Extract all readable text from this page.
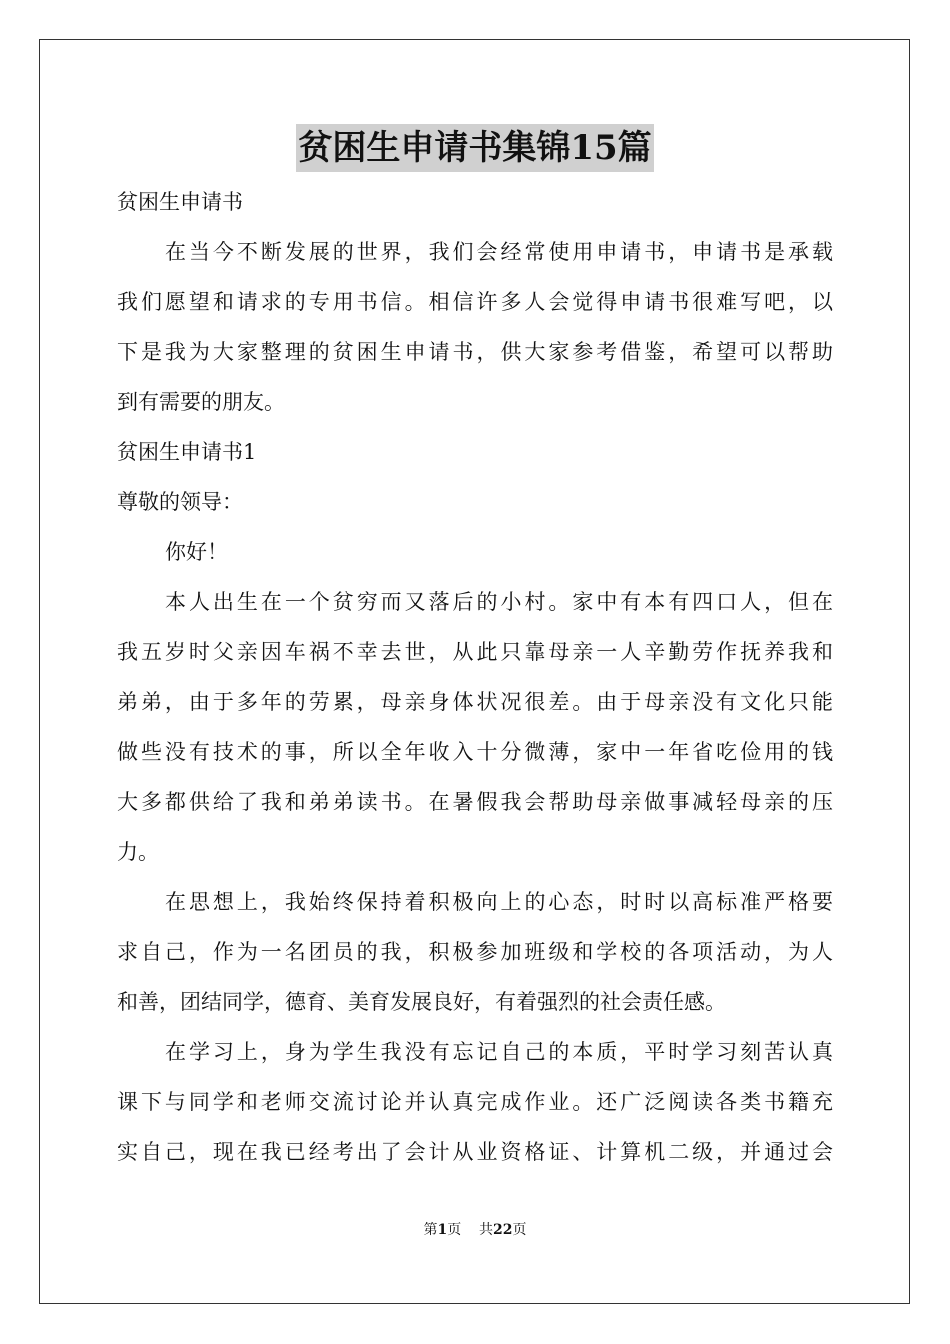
贫困生申请书集锦15篇
贫困生申请书
在当今不断发展的世界，我们会经常使用申请书，申请书是承载
我们愿望和请求的专用书信。相信许多人会觉得申请书很难写吧，以
下是我为大家整理的贫困生申请书，供大家参考借鉴，希望可以帮助
到有需要的朋友。
贫困生申请书1
尊敬的领导：
你好！
本人出生在一个贫穷而又落后的小村。家中有本有四口人，但在
我五岁时父亲因车祸不幸去世，从此只靠母亲一人辛勤劳作抚养我和
弟弟，由于多年的劳累，母亲身体状况很差。由于母亲没有文化只能
做些没有技术的事，所以全年收入十分微薄，家中一年省吃俭用的钱
大多都供给了我和弟弟读书。在暑假我会帮助母亲做事减轻母亲的压
力。
在思想上，我始终保持着积极向上的心态，时时以高标准严格要
求自己，作为一名团员的我，积极参加班级和学校的各项活动，为人
和善，团结同学，德育、美育发展良好，有着强烈的社会责任感。
在学习上，身为学生我没有忘记自己的本质，平时学习刻苦认真
课下与同学和老师交流讨论并认真完成作业。还广泛阅读各类书籍充
实自己，现在我已经考出了会计从业资格证、计算机二级，并通过会
第1页 共22页
